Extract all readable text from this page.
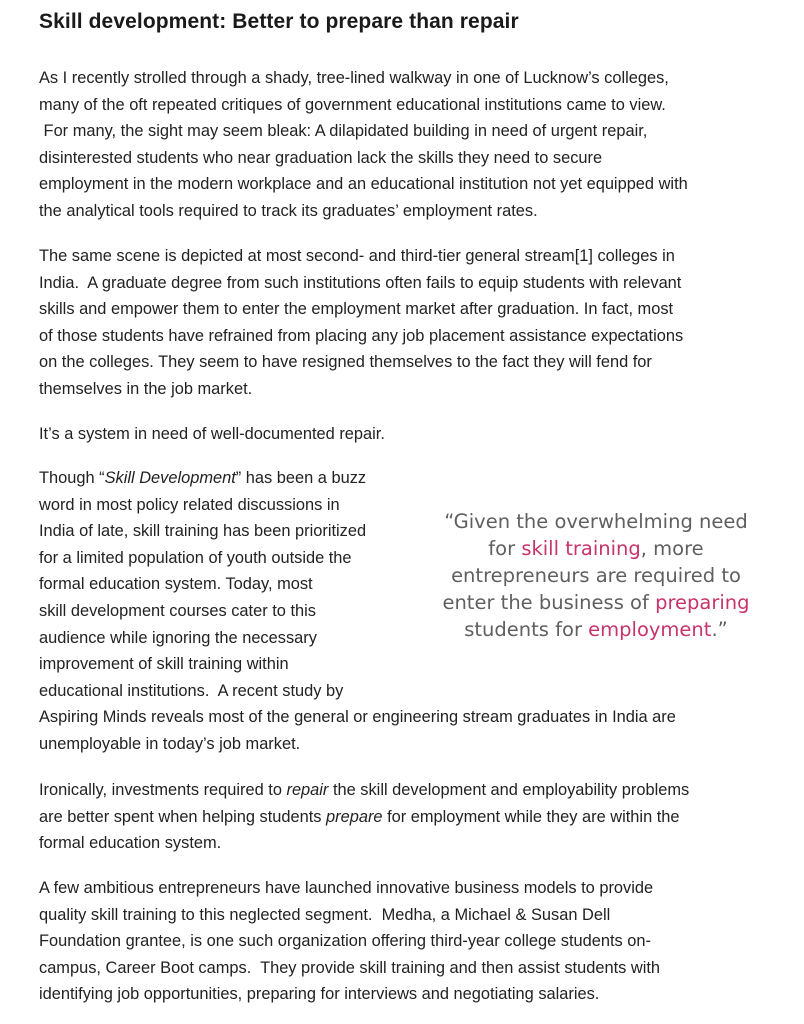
Skill development: Better to prepare than repair

As I recently strolled through a shady, tree-lined walkway in one of Lucknow’s colleges,
many of the oft repeated critiques of government educational institutions came to view.
For many, the sight may seem bleak: A dilapidated building in need of urgent repair,
disinterested students who near graduation lack the skills they need to secure
employment in the modern workplace and an educational institution not yet equipped with
the analytical tools required to track its graduates’ employment rates.

The same scene is depicted at most second- and third-tier general stream[1] colleges in
India.  A graduate degree from such institutions often fails to equip students with relevant
skills and empower them to enter the employment market after graduation. In fact, most
of those students have refrained from placing any job placement assistance expectations
on the colleges. They seem to have resigned themselves to the fact they will fend for
themselves in the job market.

It’s a system in need of well-documented repair.

Though “Skill Development” has been a buzz
word in most policy related discussions in
India of late, skill training has been prioritized
for a limited population of youth outside the
formal education system. Today, most
skill development courses cater to this
audience while ignoring the necessary
improvement of skill training within
educational institutions.  A recent study by
Aspiring Minds reveals most of the general or engineering stream graduates in India are
unemployable in today’s job market.

“Given the overwhelming need
for skill training, more
entrepreneurs are required to
enter the business of preparing
students for employment.”

Ironically, investments required to repair the skill development and employability problems
are better spent when helping students prepare for employment while they are within the
formal education system.

A few ambitious entrepreneurs have launched innovative business models to provide
quality skill training to this neglected segment.  Medha, a Michael & Susan Dell
Foundation grantee, is one such organization offering third-year college students on-
campus, Career Boot camps.  They provide skill training and then assist students with
identifying job opportunities, preparing for interviews and negotiating salaries.
